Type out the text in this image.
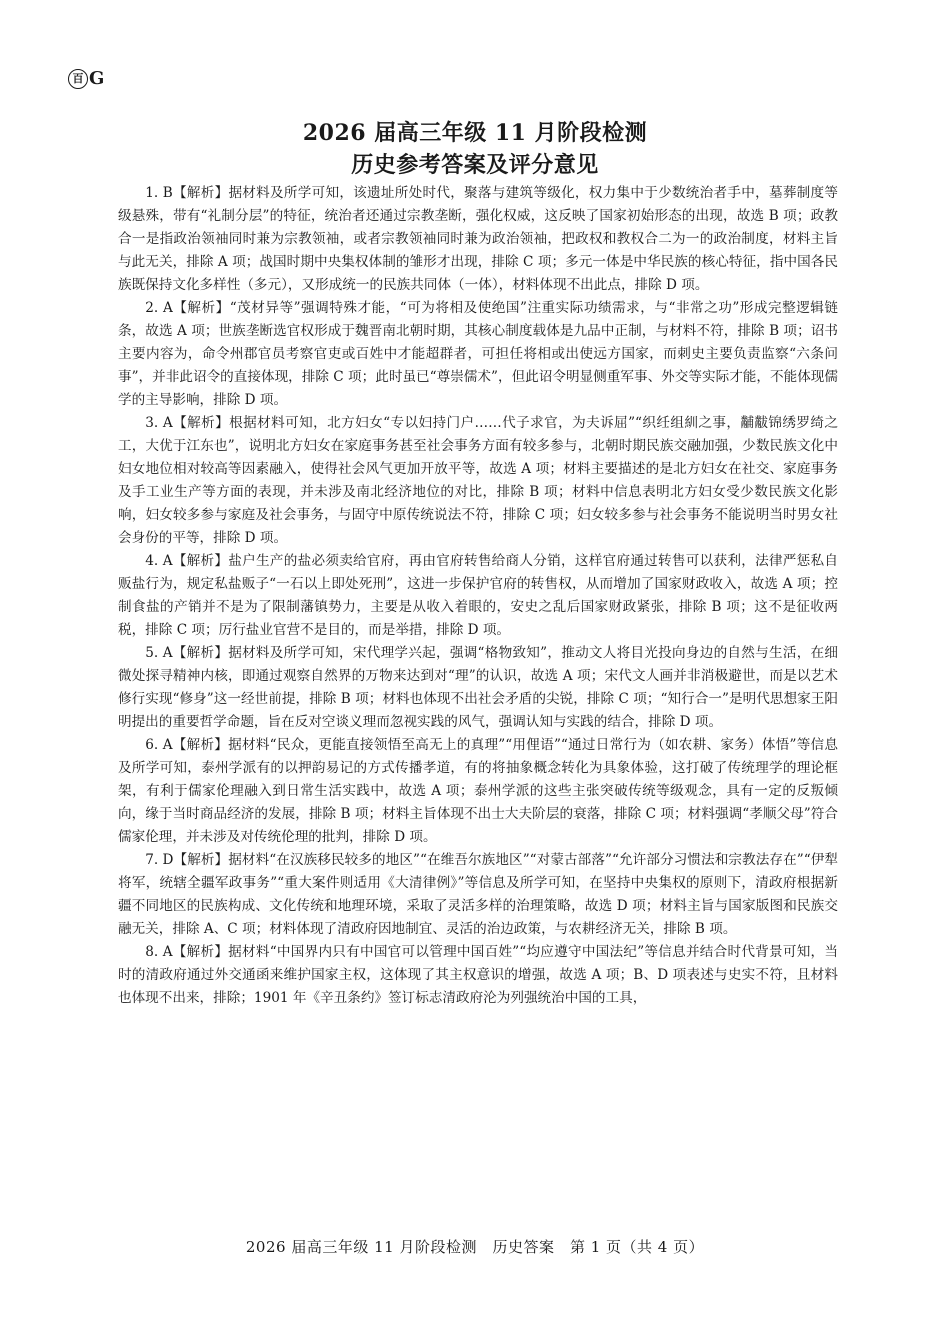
百 G
2026 届高三年级 11 月阶段检测
历史参考答案及评分意见

1. B【解析】据材料及所学可知，该遗址所处时代，聚落与建筑等级化，权力集中于少数统治者手中，墓葬制度等级悬殊，带有“礼制分层”的特征，统治者还通过宗教垄断，强化权威，这反映了国家初始形态的出现，故选 B 项；政教合一是指政治领袖同时兼为宗教领袖，或者宗教领袖同时兼为政治领袖，把政权和教权合二为一的政治制度，材料主旨与此无关，排除 A 项；战国时期中央集权体制的雏形才出现，排除 C 项；多元一体是中华民族的核心特征，指中国各民族既保持文化多样性（多元），又形成统一的民族共同体（一体），材料体现不出此点，排除 D 项。

2. A【解析】“茂材异等”强调特殊才能，“可为将相及使绝国”注重实际功绩需求，与“非常之功”形成完整逻辑链条，故选 A 项；世族垄断选官权形成于魏晋南北朝时期，其核心制度载体是九品中正制，与材料不符，排除 B 项；诏书主要内容为，命令州郡官员考察官吏或百姓中才能超群者，可担任将相或出使远方国家，而刺史主要负责监察“六条问事”，并非此诏令的直接体现，排除 C 项；此时虽已“尊崇儒术”，但此诏令明显侧重军事、外交等实际才能，不能体现儒学的主导影响，排除 D 项。

3. A【解析】根据材料可知，北方妇女“专以妇持门户……代子求官，为夫诉屈”“织纴组紃之事，黼黻锦绣罗绮之工，大优于江东也”，说明北方妇女在家庭事务甚至社会事务方面有较多参与，北朝时期民族交融加强，少数民族文化中妇女地位相对较高等因素融入，使得社会风气更加开放平等，故选 A 项；材料主要描述的是北方妇女在社交、家庭事务及手工业生产等方面的表现，并未涉及南北经济地位的对比，排除 B 项；材料中信息表明北方妇女受少数民族文化影响，妇女较多参与家庭及社会事务，与固守中原传统说法不符，排除 C 项；妇女较多参与社会事务不能说明当时男女社会身份的平等，排除 D 项。

4. A【解析】盐户生产的盐必须卖给官府，再由官府转售给商人分销，这样官府通过转售可以获利，法律严惩私自贩盐行为，规定私盐贩子“一石以上即处死刑”，这进一步保护官府的转售权，从而增加了国家财政收入，故选 A 项；控制食盐的产销并不是为了限制藩镇势力，主要是从收入着眼的，安史之乱后国家财政紧张，排除 B 项；这不是征收两税，排除 C 项；厉行盐业官营不是目的，而是举措，排除 D 项。

5. A【解析】据材料及所学可知，宋代理学兴起，强调“格物致知”，推动文人将目光投向身边的自然与生活，在细微处探寻精神内核，即通过观察自然界的万物来达到对“理”的认识，故选 A 项；宋代文人画并非消极避世，而是以艺术修行实现“修身”这一经世前提，排除 B 项；材料也体现不出社会矛盾的尖锐，排除 C 项；“知行合一”是明代思想家王阳明提出的重要哲学命题，旨在反对空谈义理而忽视实践的风气，强调认知与实践的结合，排除 D 项。

6. A【解析】据材料“民众，更能直接领悟至高无上的真理”“用俚语”“通过日常行为（如农耕、家务）体悟”等信息及所学可知，泰州学派有的以押韵易记的方式传播孝道，有的将抽象概念转化为具象体验，这打破了传统理学的理论框架，有利于儒家伦理融入到日常生活实践中，故选 A 项；泰州学派的这些主张突破传统等级观念，具有一定的反叛倾向，缘于当时商品经济的发展，排除 B 项；材料主旨体现不出士大夫阶层的衰落，排除 C 项；材料强调“孝顺父母”符合儒家伦理，并未涉及对传统伦理的批判，排除 D 项。

7. D【解析】据材料“在汉族移民较多的地区”“在维吾尔族地区”“对蒙古部落”“允许部分习惯法和宗教法存在”“伊犁将军，统辖全疆军政事务”“重大案件则适用《大清律例》”等信息及所学可知，在坚持中央集权的原则下，清政府根据新疆不同地区的民族构成、文化传统和地理环境，采取了灵活多样的治理策略，故选 D 项；材料主旨与国家版图和民族交融无关，排除 A、C 项；材料体现了清政府因地制宜、灵活的治边政策，与农耕经济无关，排除 B 项。

8. A【解析】据材料“中国界内只有中国官可以管理中国百姓”“均应遵守中国法纪”等信息并结合时代背景可知，当时的清政府通过外交通函来维护国家主权，这体现了其主权意识的增强，故选 A 项；B、D 项表述与史实不符，且材料也体现不出来，排除；1901 年《辛丑条约》签订标志清政府沦为列强统治中国的工具，

2026 届高三年级 11 月阶段检测　历史答案　第 1 页（共 4 页）
